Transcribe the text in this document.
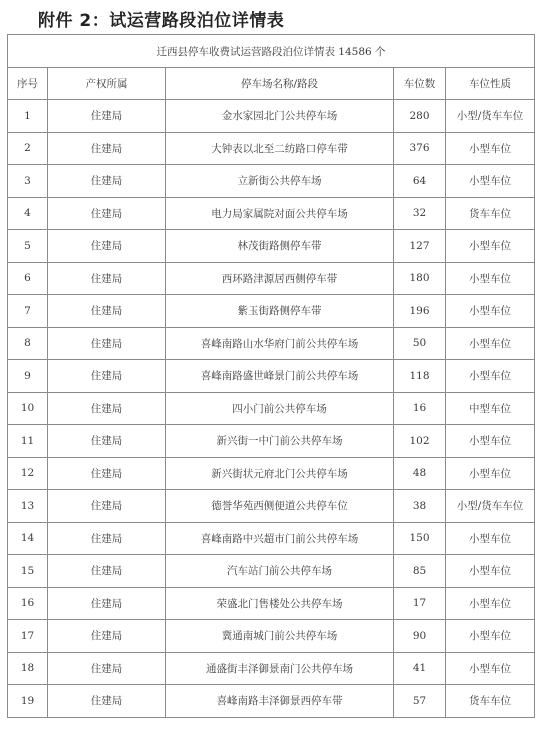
附件 2：试运营路段泊位详情表
迁西县停车收费试运营路段泊位详情表 14586 个				
序号	产权所属	停车场名称/路段	车位数	车位性质
1	住建局	金水家园北门公共停车场	280	小型/货车车位
2	住建局	大钟表以北至二纺路口停车带	376	小型车位
3	住建局	立新街公共停车场	64	小型车位
4	住建局	电力局家属院对面公共停车场	32	货车车位
5	住建局	林茂街路侧停车带	127	小型车位
6	住建局	西环路津源居西侧停车带	180	小型车位
7	住建局	紫玉街路侧停车带	196	小型车位
8	住建局	喜峰南路山水华府门前公共停车场	50	小型车位
9	住建局	喜峰南路盛世峰景门前公共停车场	118	小型车位
10	住建局	四小门前公共停车场	16	中型车位
11	住建局	新兴街一中门前公共停车场	102	小型车位
12	住建局	新兴街状元府北门公共停车场	48	小型车位
13	住建局	德誉华苑西侧便道公共停车位	38	小型/货车车位
14	住建局	喜峰南路中兴超市门前公共停车场	150	小型车位
15	住建局	汽车站门前公共停车场	85	小型车位
16	住建局	荣盛北门售楼处公共停车场	17	小型车位
17	住建局	冀通南城门前公共停车场	90	小型车位
18	住建局	通盛街丰泽御景南门公共停车场	41	小型车位
19	住建局	喜峰南路丰泽御景西停车带	57	货车车位
